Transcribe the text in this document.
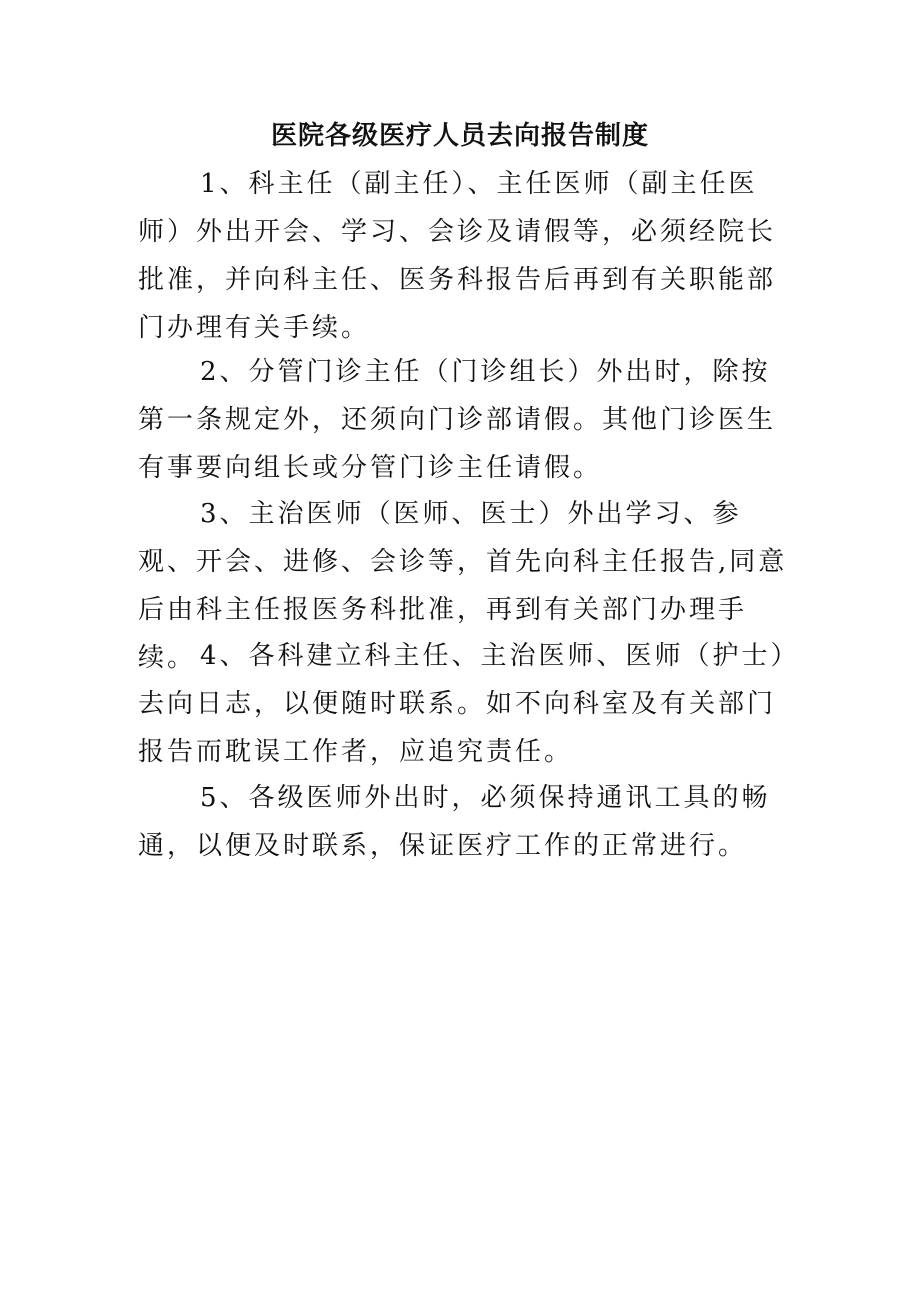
医院各级医疗人员去向报告制度

1、科主任（副主任）、主任医师（副主任医师）外出开会、学习、会诊及请假等，必须经院长批准，并向科主任、医务科报告后再到有关职能部门办理有关手续。

2、分管门诊主任（门诊组长）外出时，除按第一条规定外，还须向门诊部请假。其他门诊医生有事要向组长或分管门诊主任请假。

3、主治医师（医师、医士）外出学习、参观、开会、进修、会诊等，首先向科主任报告,同意后由科主任报医务科批准，再到有关部门办理手续。 4、各科建立科主任、主治医师、医师（护士）去向日志，以便随时联系。如不向科室及有关部门报告而耽误工作者，应追究责任。

5、各级医师外出时，必须保持通讯工具的畅通，以便及时联系，保证医疗工作的正常进行。
